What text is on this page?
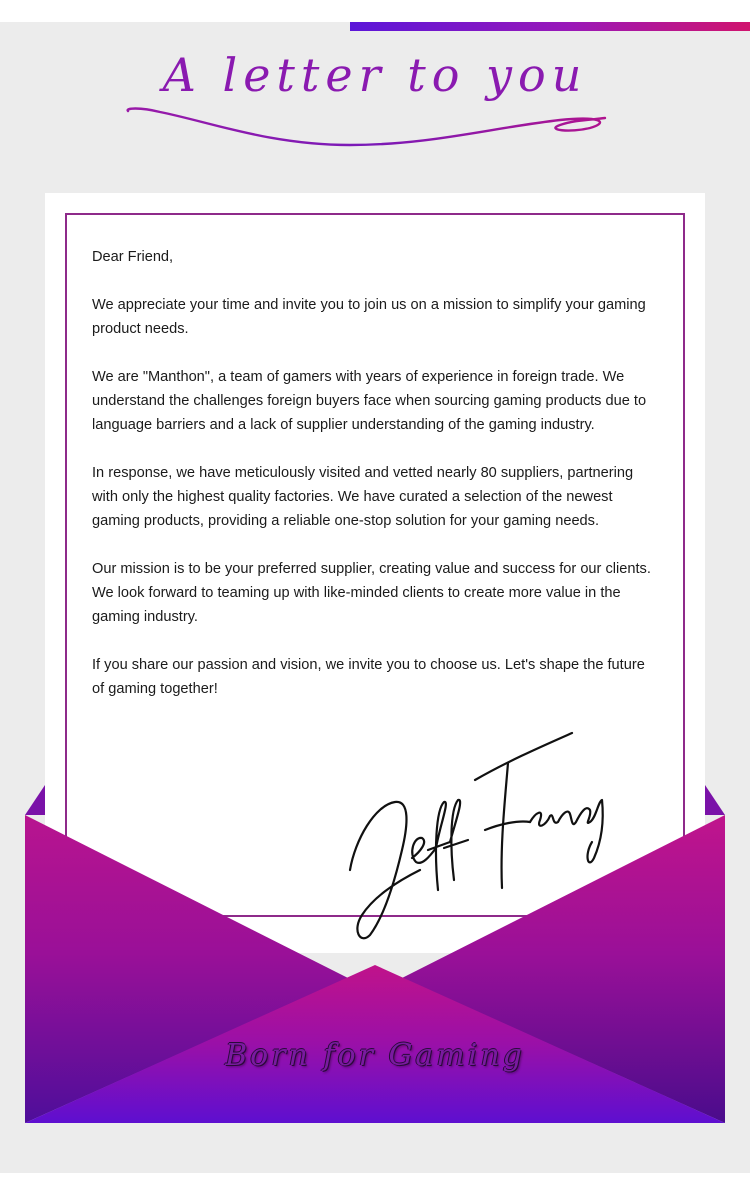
A letter to you

Dear Friend,

We appreciate your time and invite you to join us on a mission to simplify your gaming product needs.

We are "Manthon", a team of gamers with years of experience in foreign trade. We understand the challenges foreign buyers face when sourcing gaming products due to language barriers and a lack of supplier understanding of the gaming industry.

In response, we have meticulously visited and vetted nearly 80 suppliers, partnering with only the highest quality factories. We have curated a selection of the newest gaming products, providing a reliable one-stop solution for your gaming needs.

Our mission is to be your preferred supplier, creating value and success for our clients. We look forward to teaming up with like-minded clients to create more value in the gaming industry.

If you share our passion and vision, we invite you to choose us. Let's shape the future of gaming together!

Born for Gaming
